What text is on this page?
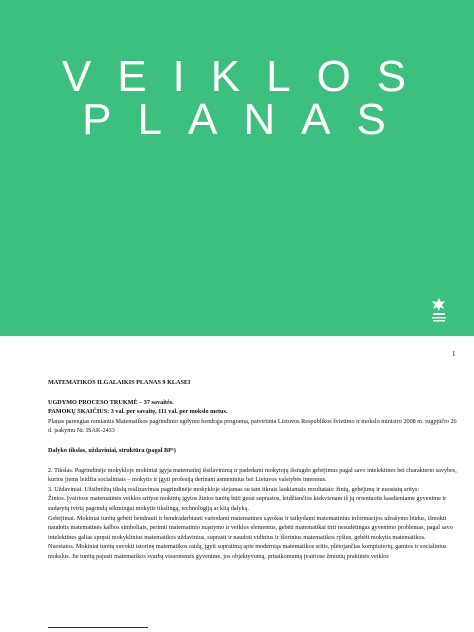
VEIKLOS
PLANAS
1

MATEMATIKOS ILGALAIKIS PLANAS 9 KLASEI

UGDYMO PROCESO TRUKMĖ – 37 savaitės.

PAMOKŲ SKAIČIUS: 3 val. per savaitę, 111 val. per mokslo metus.

Planas parengtas remiantis Matematikos pagrindinio ugdymo bendrąja programa, patvirtinta Lietuvos Respublikos švietimo ir mokslo ministro 2008 m. rugpjūčio 26 d. įsakymu Nr. ISAK-2433

Dalyko tikslas, uždaviniai, struktūra (pagal BP¹)

2. Tikslas. Pagrindinėje mokykloje mokiniai įgyja matematinį išsilavinimą ir padedami mokytojų išsiugdo gebėjimus pagal savo intelektines bei charakterio savybes, kurios jiems leidžia socialiniais – mokytis ir įgyti profesiją derinant asmeninius bei Lietuvos valstybės interesus.

3. Uždaviniai. Užsibrėžtų tikslų realizavimas pagrindinėje mokykloje siejamas su tam tikrais laukiamais rezultatais: žinių, gebėjimų ir nuostatų sritys:

Žinios. Įvairiose matematinės veiklos srityse mokinių įgytos žinios turėtų būti gerai suprastos, leidžiančios kiekvienam iš jų orientuotis kasdieniame gyvenime ir sudarytų tvirtą pagrindą sėkmingai mokytis tikslingą, technologiją ar kitą dalyką.

Gebėjimai. Mokiniai turėtų gebėti bendrauti ir bendradarbiauti vartodami matematines sąvokas ir taikydami matematinius informacijos užrašymo būdus, išmokti naudotis matematinės kalbos simboliais, perimti matematinio mąstymo ir veiklos elementus, gebėti matematikai tirti nesudėtingas gyvenimo problemas, pagal savo intelektines galias spręsti mokyklinius matematikos uždavinius, suprasti ir naudoti vidinius ir išorinius matematikos ryšius, gebėti mokytis matematikos.

Nuostatos. Mokiniai turėtų suvokti istorinę matematikos raidą, įgyti supratimą apie moderniąs matematikos sritis, plėtojančias kompiuterių, gamtos ir socialinius mokslus. Jie turėtų pajusti matematikos svarbą visuomenės gyvenime, jos objektyvumą, pritaikomumą įvairiose žmonių praktinės veiklos
